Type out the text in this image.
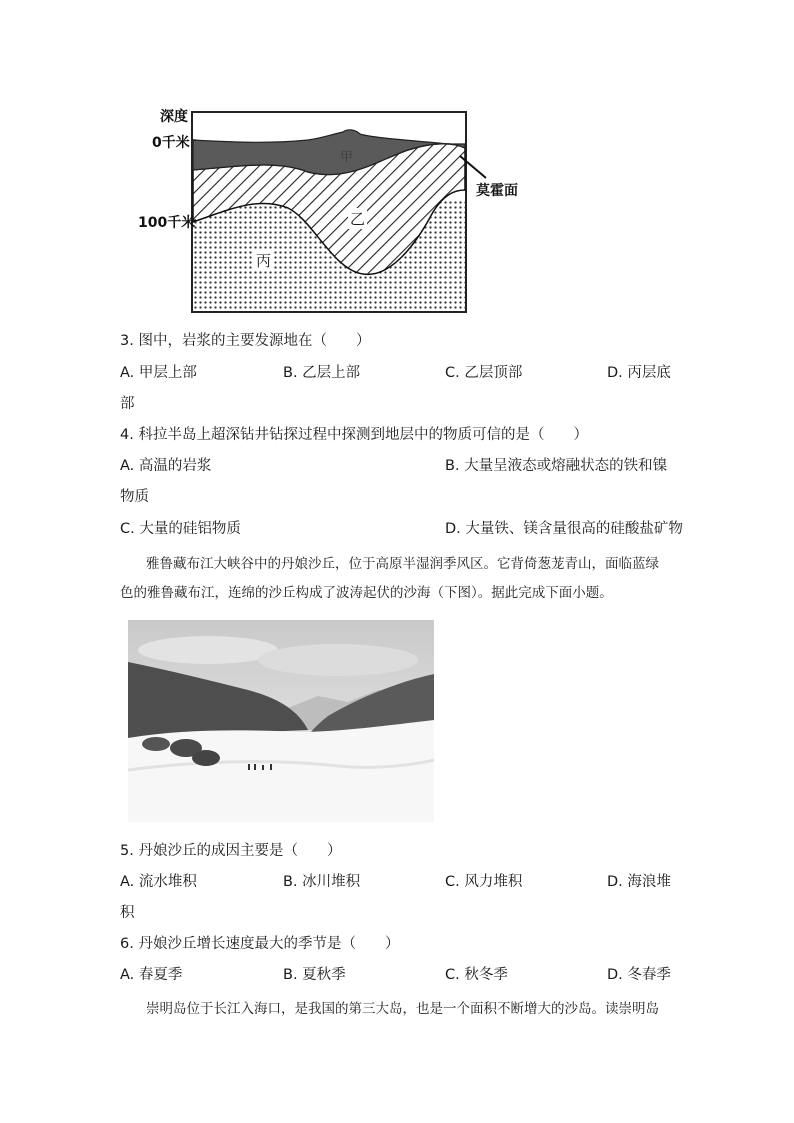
深度
0千米
100千米
甲
乙
丙
莫霍面
3. 图中，岩浆的主要发源地在（　　）
A. 甲层上部	B. 乙层上部	C. 乙层顶部	D. 丙层底
部
4. 科拉半岛上超深钻井钻探过程中探测到地层中的物质可信的是（　　）
A. 高温的岩浆	B. 大量呈液态或熔融状态的铁和镍
物质
C. 大量的硅铝物质	D. 大量铁、镁含量很高的硅酸盐矿物
雅鲁藏布江大峡谷中的丹娘沙丘，位于高原半湿润季风区。它背倚葱茏青山，面临蓝绿
色的雅鲁藏布江，连绵的沙丘构成了波涛起伏的沙海（下图）。据此完成下面小题。
5. 丹娘沙丘的成因主要是（　　）
A. 流水堆积	B. 冰川堆积	C. 风力堆积	D. 海浪堆
积
6. 丹娘沙丘增长速度最大的季节是（　　）
A. 春夏季	B. 夏秋季	C. 秋冬季	D. 冬春季
崇明岛位于长江入海口，是我国的第三大岛，也是一个面积不断增大的沙岛。读崇明岛
